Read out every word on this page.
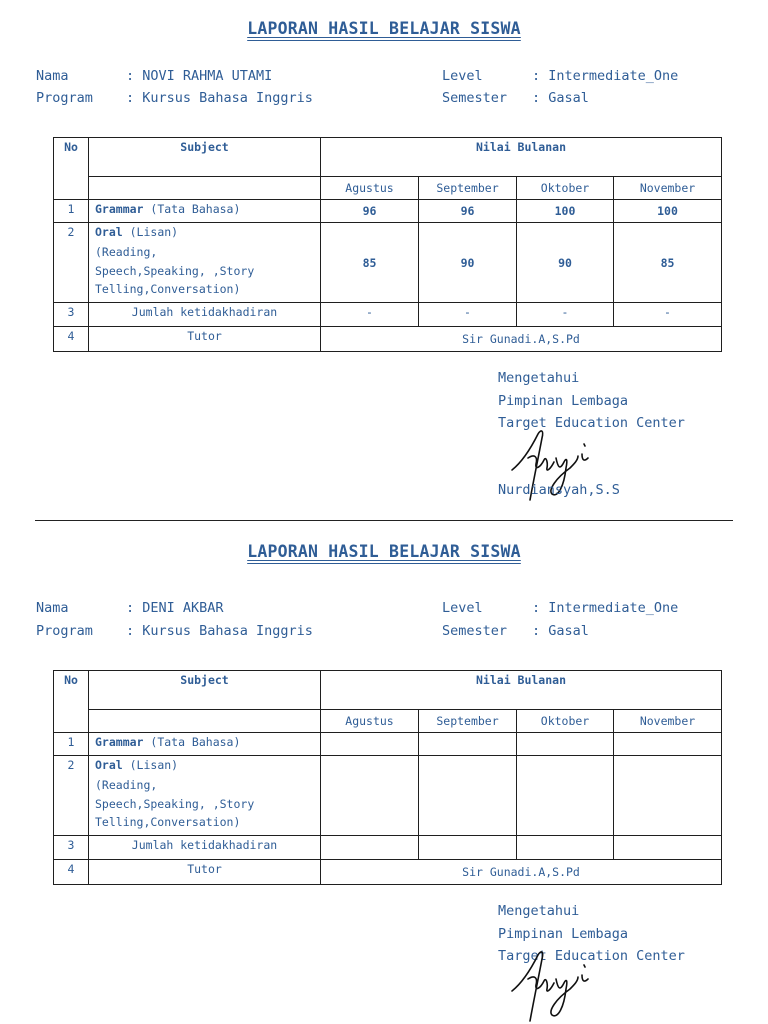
LAPORAN HASIL BELAJAR SISWA
Nama	: NOVI RAHMA UTAMI
Program : Kursus Bahasa Inggris
Level	: Intermediate_One
Semester : Gasal
No	Subject	Nilai Bulanan			
		Agustus	September	Oktober	November
1	Grammar (Tata Bahasa)	96	96	100	100
2	Oral (Lisan)
(Reading,
Speech,Speaking, ,Story
Telling,Conversation)	85	90	90	85
3	Jumlah ketidakhadiran	-	-	-	-
4	Tutor	Sir Gunadi.A,S.Pd			
Mengetahui
Pimpinan Lembaga
Target Education Center
Nurdiansyah,S.S
LAPORAN HASIL BELAJAR SISWA
Nama	: DENI AKBAR
Program : Kursus Bahasa Inggris
Level	: Intermediate_One
Semester : Gasal
No	Subject	Nilai Bulanan			
		Agustus	September	Oktober	November
1	Grammar (Tata Bahasa)				
2	Oral (Lisan)
(Reading,
Speech,Speaking, ,Story
Telling,Conversation)				

3	Jumlah ketidakhadiran				
4	Tutor	Sir Gunadi.A,S.Pd			
Mengetahui
Pimpinan Lembaga
Target Education Center
